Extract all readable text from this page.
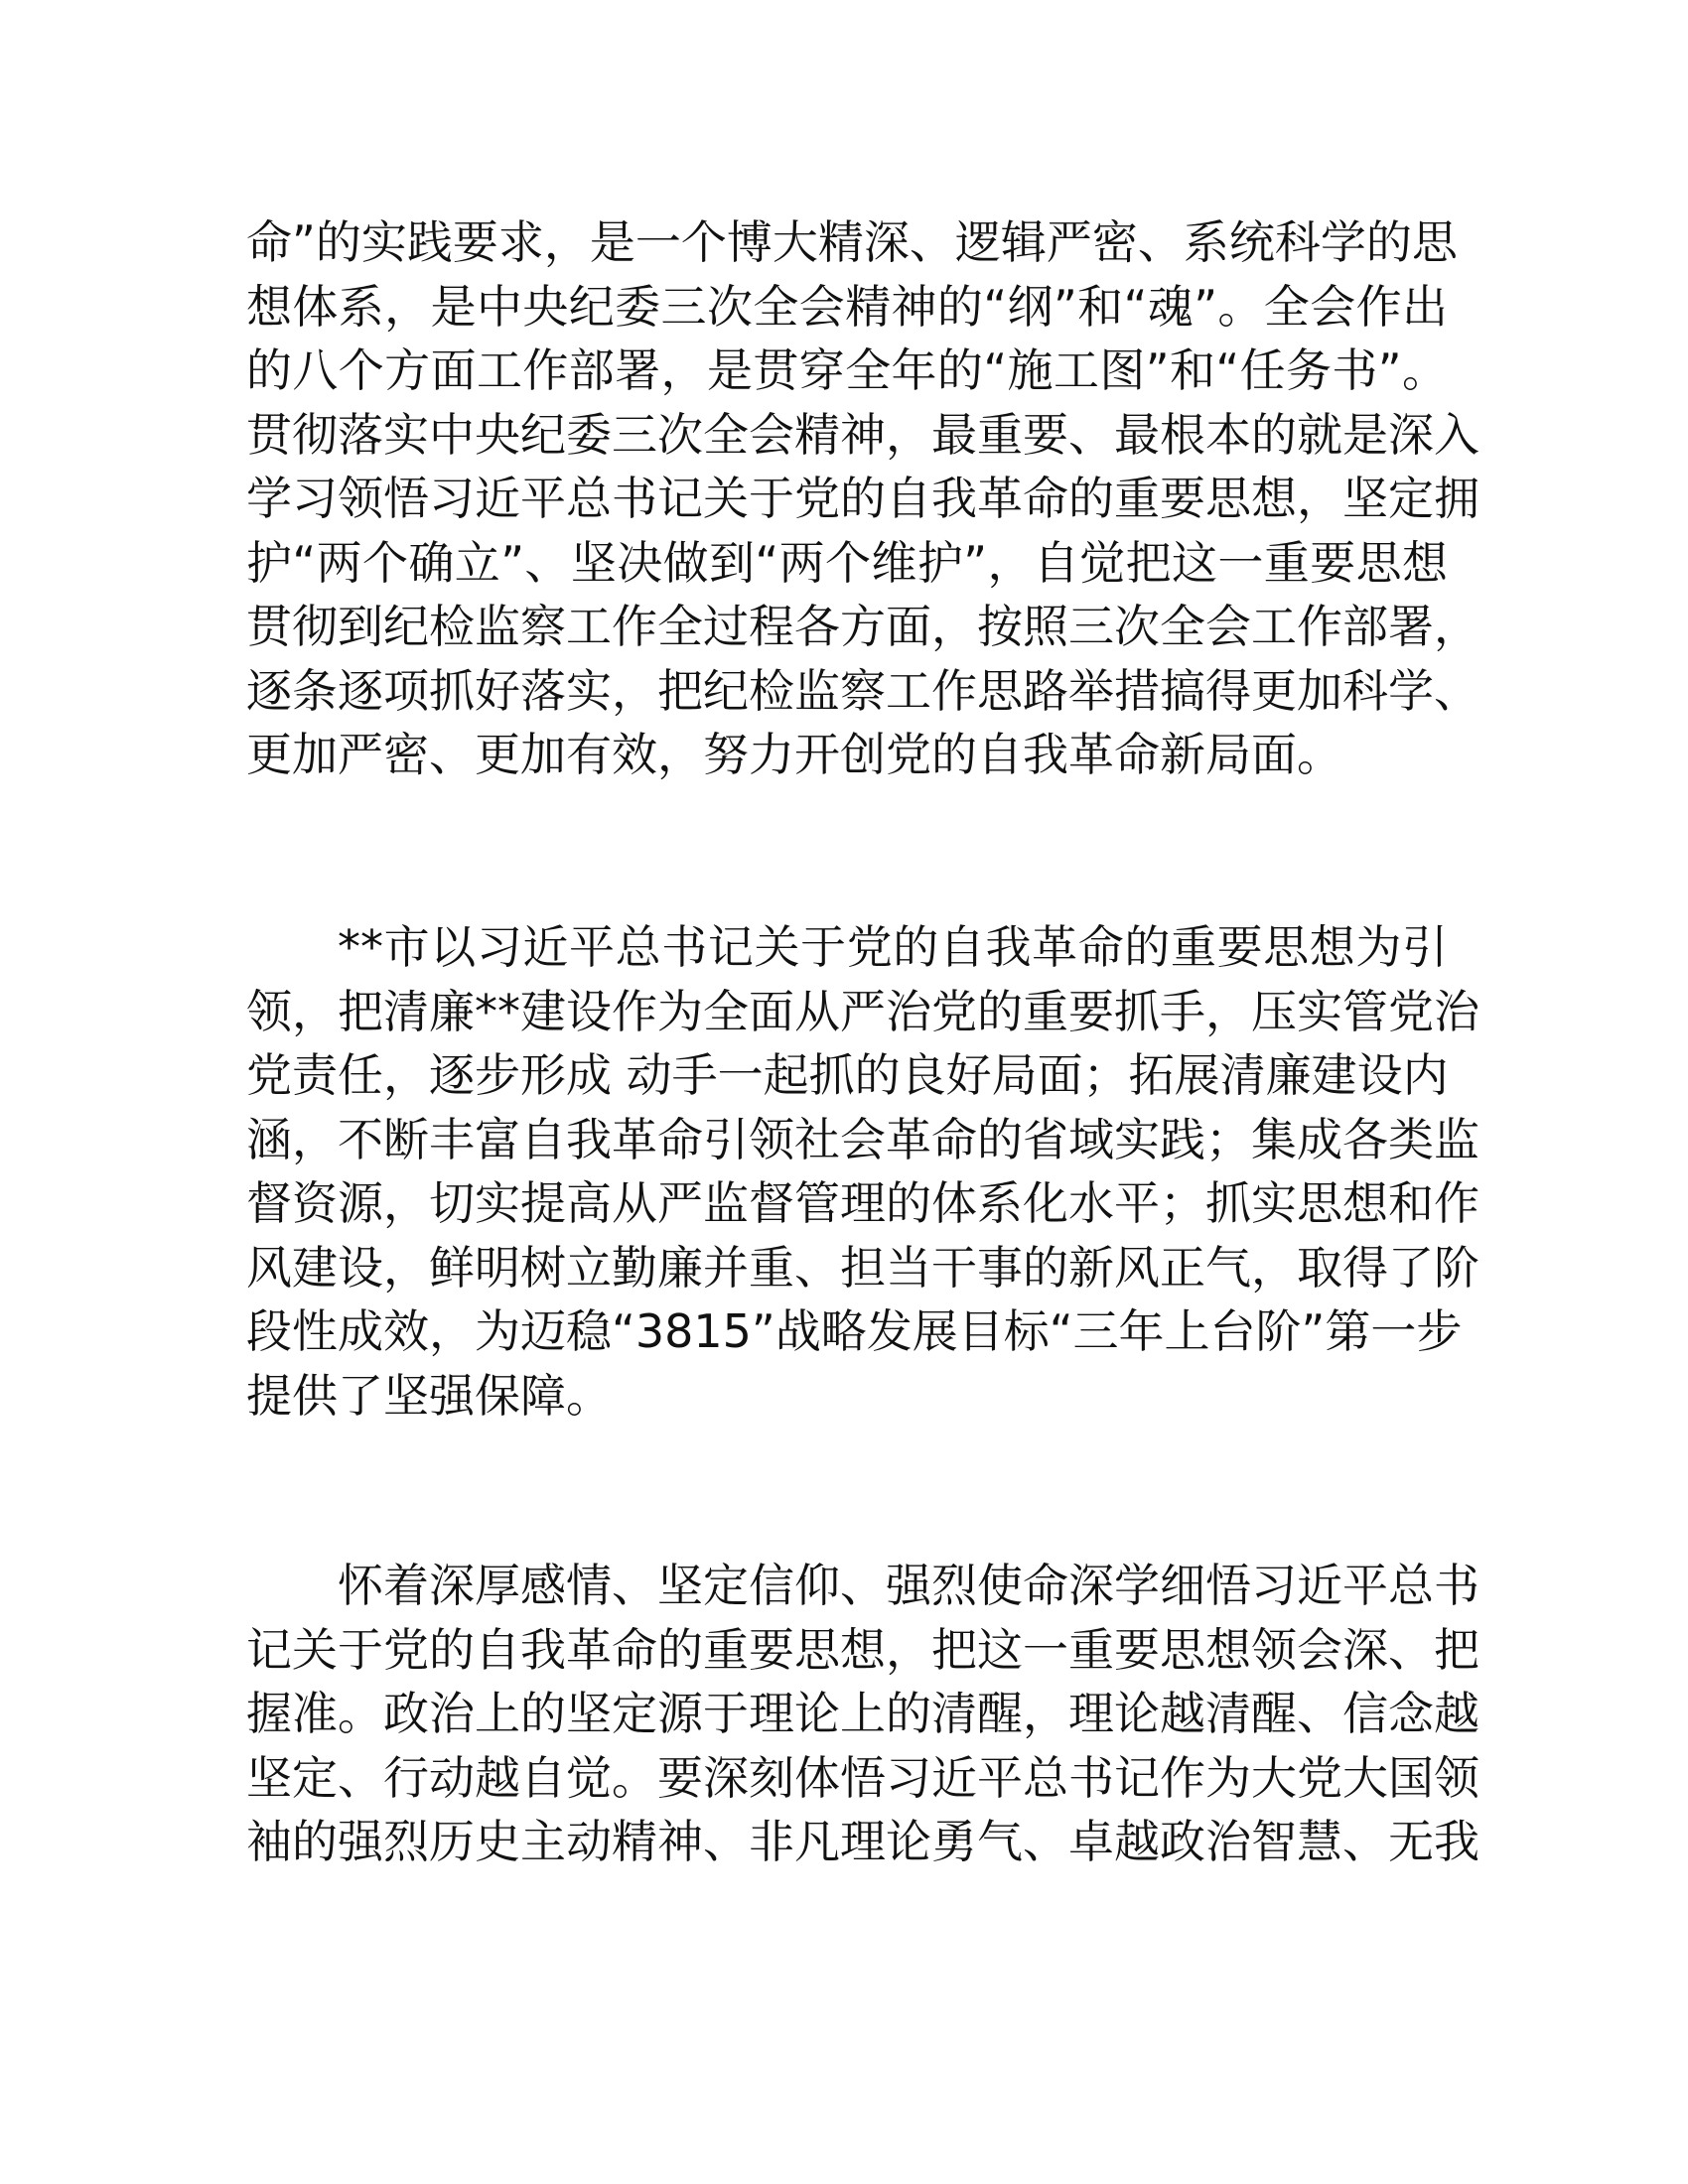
命”的实践要求，是一个博大精深、逻辑严密、系统科学的思
想体系，是中央纪委三次全会精神的“纲”和“魂”。全会作出
的八个方面工作部署，是贯穿全年的“施工图”和“任务书”。
贯彻落实中央纪委三次全会精神，最重要、最根本的就是深入
学习领悟习近平总书记关于党的自我革命的重要思想，坚定拥
护“两个确立”、坚决做到“两个维护”，自觉把这一重要思想
贯彻到纪检监察工作全过程各方面，按照三次全会工作部署，
逐条逐项抓好落实，把纪检监察工作思路举措搞得更加科学、
更加严密、更加有效，努力开创党的自我革命新局面。
**市以习近平总书记关于党的自我革命的重要思想为引
领，把清廉**建设作为全面从严治党的重要抓手，压实管党治
党责任，逐步形成 动手一起抓的良好局面；拓展清廉建设内
涵，不断丰富自我革命引领社会革命的省域实践；集成各类监
督资源，切实提高从严监督管理的体系化水平；抓实思想和作
风建设，鲜明树立勤廉并重、担当干事的新风正气，取得了阶
段性成效，为迈稳“3815”战略发展目标“三年上台阶”第一步
提供了坚强保障。
怀着深厚感情、坚定信仰、强烈使命深学细悟习近平总书
记关于党的自我革命的重要思想，把这一重要思想领会深、把
握准。政治上的坚定源于理论上的清醒，理论越清醒、信念越
坚定、行动越自觉。要深刻体悟习近平总书记作为大党大国领
袖的强烈历史主动精神、非凡理论勇气、卓越政治智慧、无我
